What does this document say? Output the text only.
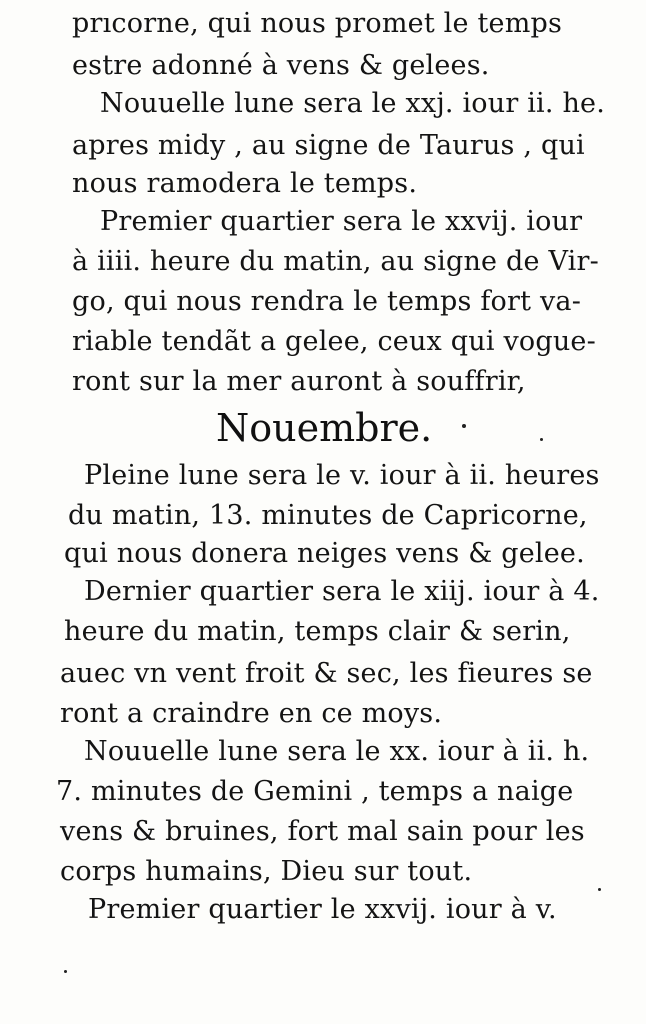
prıcorne, qui nous promet le temps
estre adonné à vens & gelees.
Nouuelle lune sera le xxj. iour ii. he.
apres midy , au signe de Taurus , qui
nous ramodera le temps.
Premier quartier sera le xxvij. iour
à iiii. heure du matin, au signe de Vir-
go, qui nous rendra le temps fort va-
riable tendãt a gelee, ceux qui vogue-
ront sur la mer auront à souffrir,
Nouembre.
Pleine lune sera le v. iour à ii. heures
du matin, 13. minutes de Capricorne,
qui nous donera neiges vens & gelee.
Dernier quartier sera le xiij. iour à 4.
heure du matin, temps clair & serin,
auec vn vent froit & sec, les fieures se
ront a craindre en ce moys.
Nouuelle lune sera le xx. iour à ii. h.
7. minutes de Gemini , temps a naige
vens & bruines, fort mal sain pour les
corps humains, Dieu sur tout.
Premier quartier le xxvij. iour à v.
